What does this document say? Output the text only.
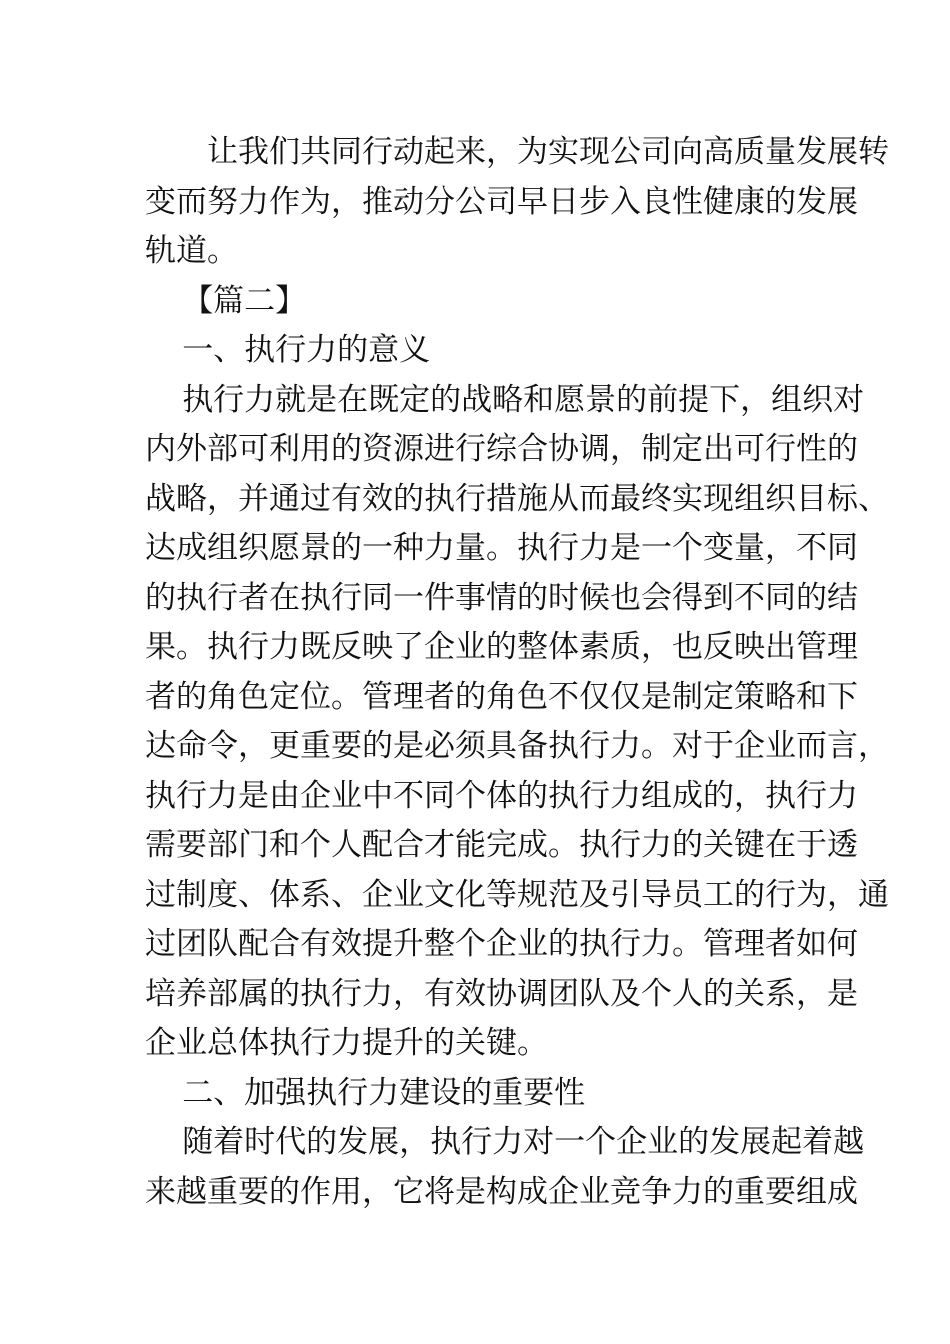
让我们共同行动起来，为实现公司向高质量发展转
变而努力作为，推动分公司早日步入良性健康的发展
轨道。
【篇二】
一、执行力的意义
执行力就是在既定的战略和愿景的前提下，组织对
内外部可利用的资源进行综合协调，制定出可行性的
战略，并通过有效的执行措施从而最终实现组织目标、
达成组织愿景的一种力量。执行力是一个变量，不同
的执行者在执行同一件事情的时候也会得到不同的结
果。执行力既反映了企业的整体素质，也反映出管理
者的角色定位。管理者的角色不仅仅是制定策略和下
达命令，更重要的是必须具备执行力。对于企业而言，
执行力是由企业中不同个体的执行力组成的，执行力
需要部门和个人配合才能完成。执行力的关键在于透
过制度、体系、企业文化等规范及引导员工的行为，通
过团队配合有效提升整个企业的执行力。管理者如何
培养部属的执行力，有效协调团队及个人的关系，是
企业总体执行力提升的关键。
二、加强执行力建设的重要性
随着时代的发展，执行力对一个企业的发展起着越
来越重要的作用，它将是构成企业竞争力的重要组成
